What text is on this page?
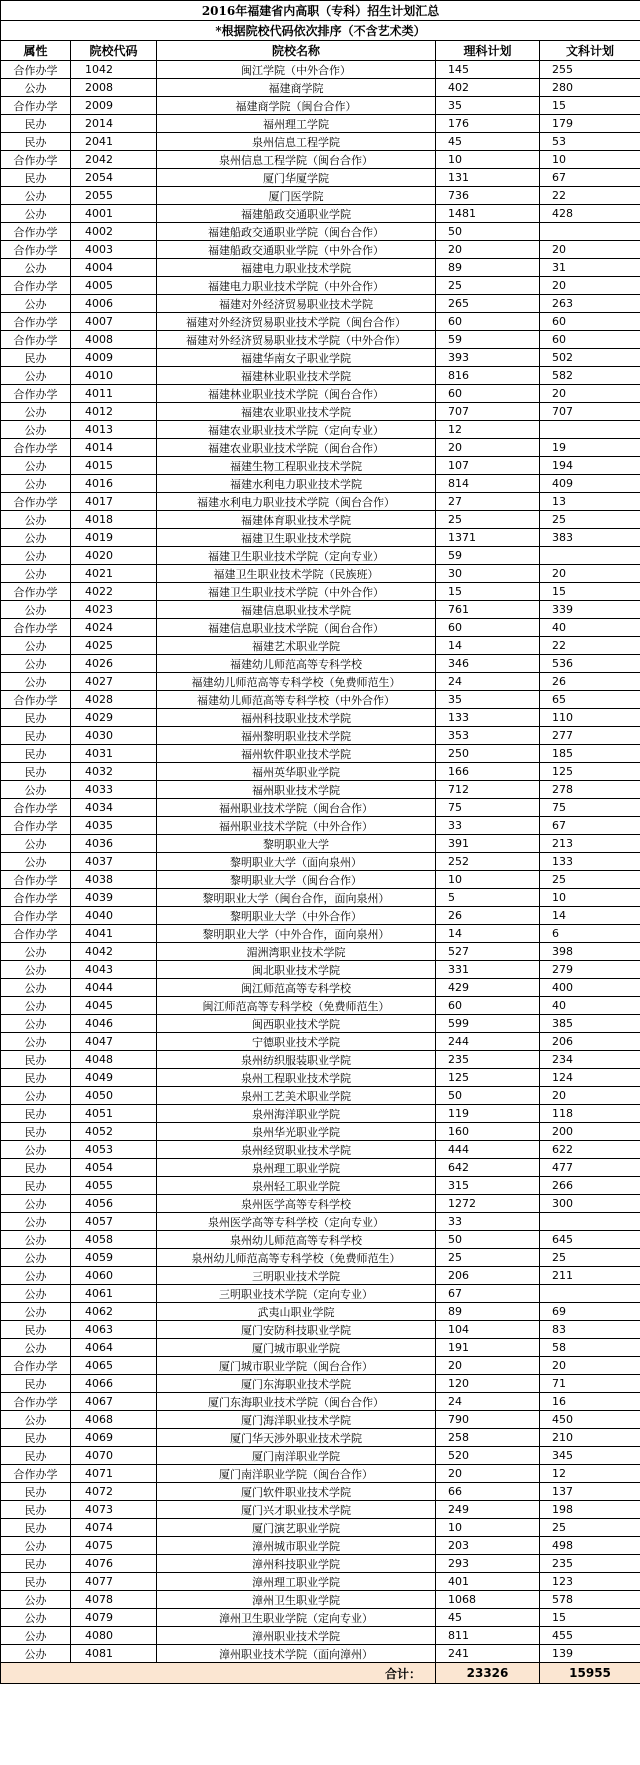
2016年福建省内高职（专科）招生计划汇总				
*根据院校代码依次排序（不含艺术类）				
属性	院校代码	院校名称	理科计划	文科计划
合作办学	1042	闽江学院（中外合作）	145	255
公办	2008	福建商学院	402	280
合作办学	2009	福建商学院（闽台合作）	35	15
民办	2014	福州理工学院	176	179
民办	2041	泉州信息工程学院	45	53
合作办学	2042	泉州信息工程学院（闽台合作）	10	10
民办	2054	厦门华厦学院	131	67
公办	2055	厦门医学院	736	22
公办	4001	福建船政交通职业学院	1481	428
合作办学	4002	福建船政交通职业学院（闽台合作）	50	
合作办学	4003	福建船政交通职业学院（中外合作）	20	20
公办	4004	福建电力职业技术学院	89	31
合作办学	4005	福建电力职业技术学院（中外合作）	25	20
公办	4006	福建对外经济贸易职业技术学院	265	263
合作办学	4007	福建对外经济贸易职业技术学院（闽台合作）	60	60
合作办学	4008	福建对外经济贸易职业技术学院（中外合作）	59	60
民办	4009	福建华南女子职业学院	393	502
公办	4010	福建林业职业技术学院	816	582
合作办学	4011	福建林业职业技术学院（闽台合作）	60	20
公办	4012	福建农业职业技术学院	707	707
公办	4013	福建农业职业技术学院（定向专业）	12	
合作办学	4014	福建农业职业技术学院（闽台合作）	20	19
公办	4015	福建生物工程职业技术学院	107	194
公办	4016	福建水利电力职业技术学院	814	409
合作办学	4017	福建水利电力职业技术学院（闽台合作）	27	13
公办	4018	福建体育职业技术学院	25	25
公办	4019	福建卫生职业技术学院	1371	383
公办	4020	福建卫生职业技术学院（定向专业）	59	
公办	4021	福建卫生职业技术学院（民族班）	30	20
合作办学	4022	福建卫生职业技术学院（中外合作）	15	15
公办	4023	福建信息职业技术学院	761	339
合作办学	4024	福建信息职业技术学院（闽台合作）	60	40
公办	4025	福建艺术职业学院	14	22
公办	4026	福建幼儿师范高等专科学校	346	536
公办	4027	福建幼儿师范高等专科学校（免费师范生）	24	26
合作办学	4028	福建幼儿师范高等专科学校（中外合作）	35	65
民办	4029	福州科技职业技术学院	133	110
民办	4030	福州黎明职业技术学院	353	277
民办	4031	福州软件职业技术学院	250	185
民办	4032	福州英华职业学院	166	125
公办	4033	福州职业技术学院	712	278
合作办学	4034	福州职业技术学院（闽台合作）	75	75
合作办学	4035	福州职业技术学院（中外合作）	33	67
公办	4036	黎明职业大学	391	213
公办	4037	黎明职业大学（面向泉州）	252	133
合作办学	4038	黎明职业大学（闽台合作）	10	25
合作办学	4039	黎明职业大学（闽台合作，面向泉州）	5	10
合作办学	4040	黎明职业大学（中外合作）	26	14
合作办学	4041	黎明职业大学（中外合作，面向泉州）	14	6
公办	4042	湄洲湾职业技术学院	527	398
公办	4043	闽北职业技术学院	331	279
公办	4044	闽江师范高等专科学校	429	400
公办	4045	闽江师范高等专科学校（免费师范生）	60	40
公办	4046	闽西职业技术学院	599	385
公办	4047	宁德职业技术学院	244	206
民办	4048	泉州纺织服装职业学院	235	234
民办	4049	泉州工程职业技术学院	125	124
公办	4050	泉州工艺美术职业学院	50	20
民办	4051	泉州海洋职业学院	119	118
民办	4052	泉州华光职业学院	160	200
公办	4053	泉州经贸职业技术学院	444	622
民办	4054	泉州理工职业学院	642	477
民办	4055	泉州轻工职业学院	315	266
公办	4056	泉州医学高等专科学校	1272	300
公办	4057	泉州医学高等专科学校（定向专业）	33	
公办	4058	泉州幼儿师范高等专科学校	50	645
公办	4059	泉州幼儿师范高等专科学校（免费师范生）	25	25
公办	4060	三明职业技术学院	206	211
公办	4061	三明职业技术学院（定向专业）	67	
公办	4062	武夷山职业学院	89	69
民办	4063	厦门安防科技职业学院	104	83
公办	4064	厦门城市职业学院	191	58
合作办学	4065	厦门城市职业学院（闽台合作）	20	20
民办	4066	厦门东海职业技术学院	120	71
合作办学	4067	厦门东海职业技术学院（闽台合作）	24	16
公办	4068	厦门海洋职业技术学院	790	450
民办	4069	厦门华天涉外职业技术学院	258	210
民办	4070	厦门南洋职业学院	520	345
合作办学	4071	厦门南洋职业学院（闽台合作）	20	12
民办	4072	厦门软件职业技术学院	66	137
民办	4073	厦门兴才职业技术学院	249	198
民办	4074	厦门演艺职业学院	10	25
公办	4075	漳州城市职业学院	203	498
民办	4076	漳州科技职业学院	293	235
民办	4077	漳州理工职业学院	401	123
公办	4078	漳州卫生职业学院	1068	578
公办	4079	漳州卫生职业学院（定向专业）	45	15
公办	4080	漳州职业技术学院	811	455
公办	4081	漳州职业技术学院（面向漳州）	241	139
合计：			23326	15955
